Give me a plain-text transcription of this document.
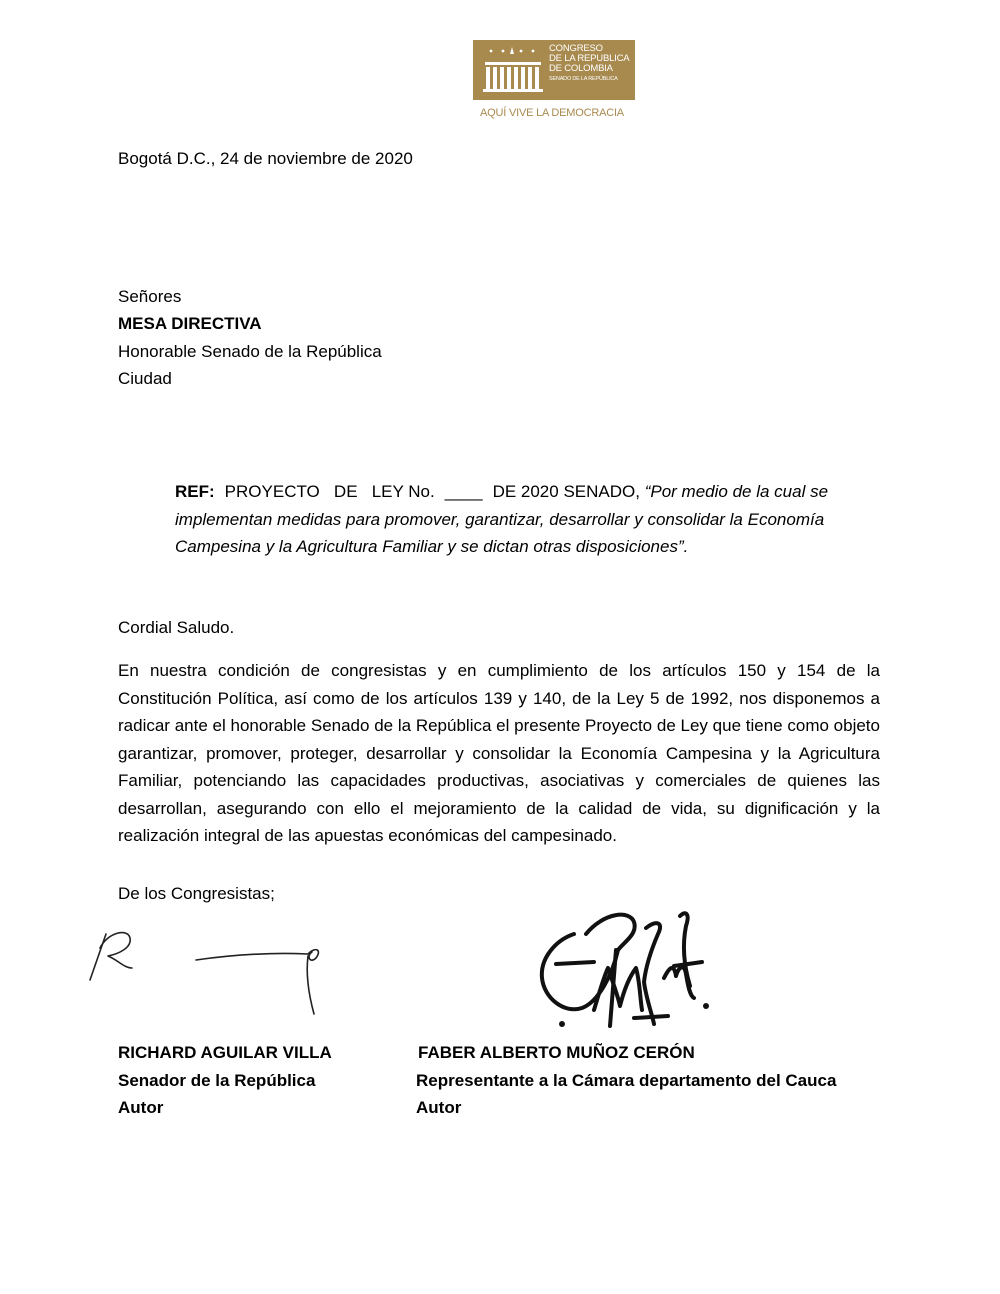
CONGRESO
DE LA REPUBLICA
DE COLOMBIA
SENADO DE LA REPÚBLICA
AQUÍ VIVE LA DEMOCRACIA
Bogotá D.C., 24 de noviembre de 2020
Señores
MESA DIRECTIVA
Honorable Senado de la República
Ciudad
REF: PROYECTO   DE   LEY No. ____ DE 2020 SENADO, “Por medio de la cual se implementan medidas para promover, garantizar, desarrollar y consolidar la Economía Campesina y la Agricultura Familiar y se dictan otras disposiciones”.
Cordial Saludo.
En nuestra condición de congresistas y en cumplimiento de los artículos 150 y 154 de la Constitución Política, así como de los artículos 139 y 140, de la Ley 5 de 1992, nos disponemos a radicar ante el honorable Senado de la República el presente Proyecto de Ley que tiene como objeto garantizar, promover, proteger, desarrollar y consolidar la Economía Campesina y la Agricultura Familiar, potenciando las capacidades productivas, asociativas y comerciales de quienes las desarrollan, asegurando con ello el mejoramiento de la calidad de vida, su dignificación y la realización integral de las apuestas económicas del campesinado.
De los Congresistas;
RICHARD AGUILAR VILLA
Senador de la República
Autor
FABER ALBERTO MUÑOZ CERÓN
Representante a la Cámara departamento del Cauca
Autor
